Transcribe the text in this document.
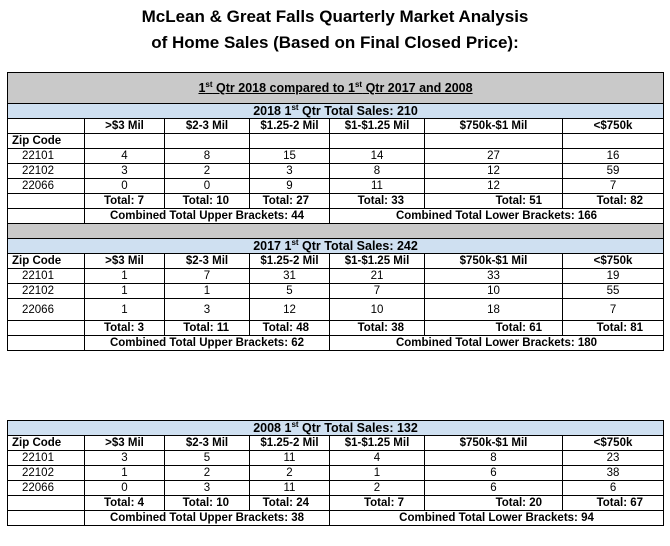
McLean & Great Falls Quarterly Market Analysis
of Home Sales (Based on Final Closed Price):
1st Qtr 2018 compared to 1st Qtr 2017 and 2008						
2018 1st Qtr Total Sales: 210						
	>$3 Mil	$2-3 Mil	$1.25-2 Mil	$1-$1.25 Mil	$750k-$1 Mil	<$750k
Zip Code						
22101	4	8	15	14	27	16
22102	3	2	3	8	12	59
22066	0	0	9	11	12	7
	Total: 7	Total: 10	Total: 27	Total: 33	Total: 51	Total: 82
	Combined Total Upper Brackets: 44			Combined Total Lower Brackets: 166		

2017 1st Qtr Total Sales: 242						
Zip Code	>$3 Mil	$2-3 Mil	$1.25-2 Mil	$1-$1.25 Mil	$750k-$1 Mil	<$750k
22101	1	7	31	21	33	19
22102	1	1	5	7	10	55
22066	1	3	12	10	18	7
	Total: 3	Total: 11	Total: 48	Total: 38	Total: 61	Total: 81
	Combined Total Upper Brackets: 62			Combined Total Lower Brackets: 180		
2008 1st Qtr Total Sales: 132						
Zip Code	>$3 Mil	$2-3 Mil	$1.25-2 Mil	$1-$1.25 Mil	$750k-$1 Mil	<$750k
22101	3	5	11	4	8	23
22102	1	2	2	1	6	38
22066	0	3	11	2	6	6
	Total: 4	Total: 10	Total: 24	Total: 7	Total: 20	Total: 67
	Combined Total Upper Brackets: 38			Combined Total Lower Brackets: 94		
